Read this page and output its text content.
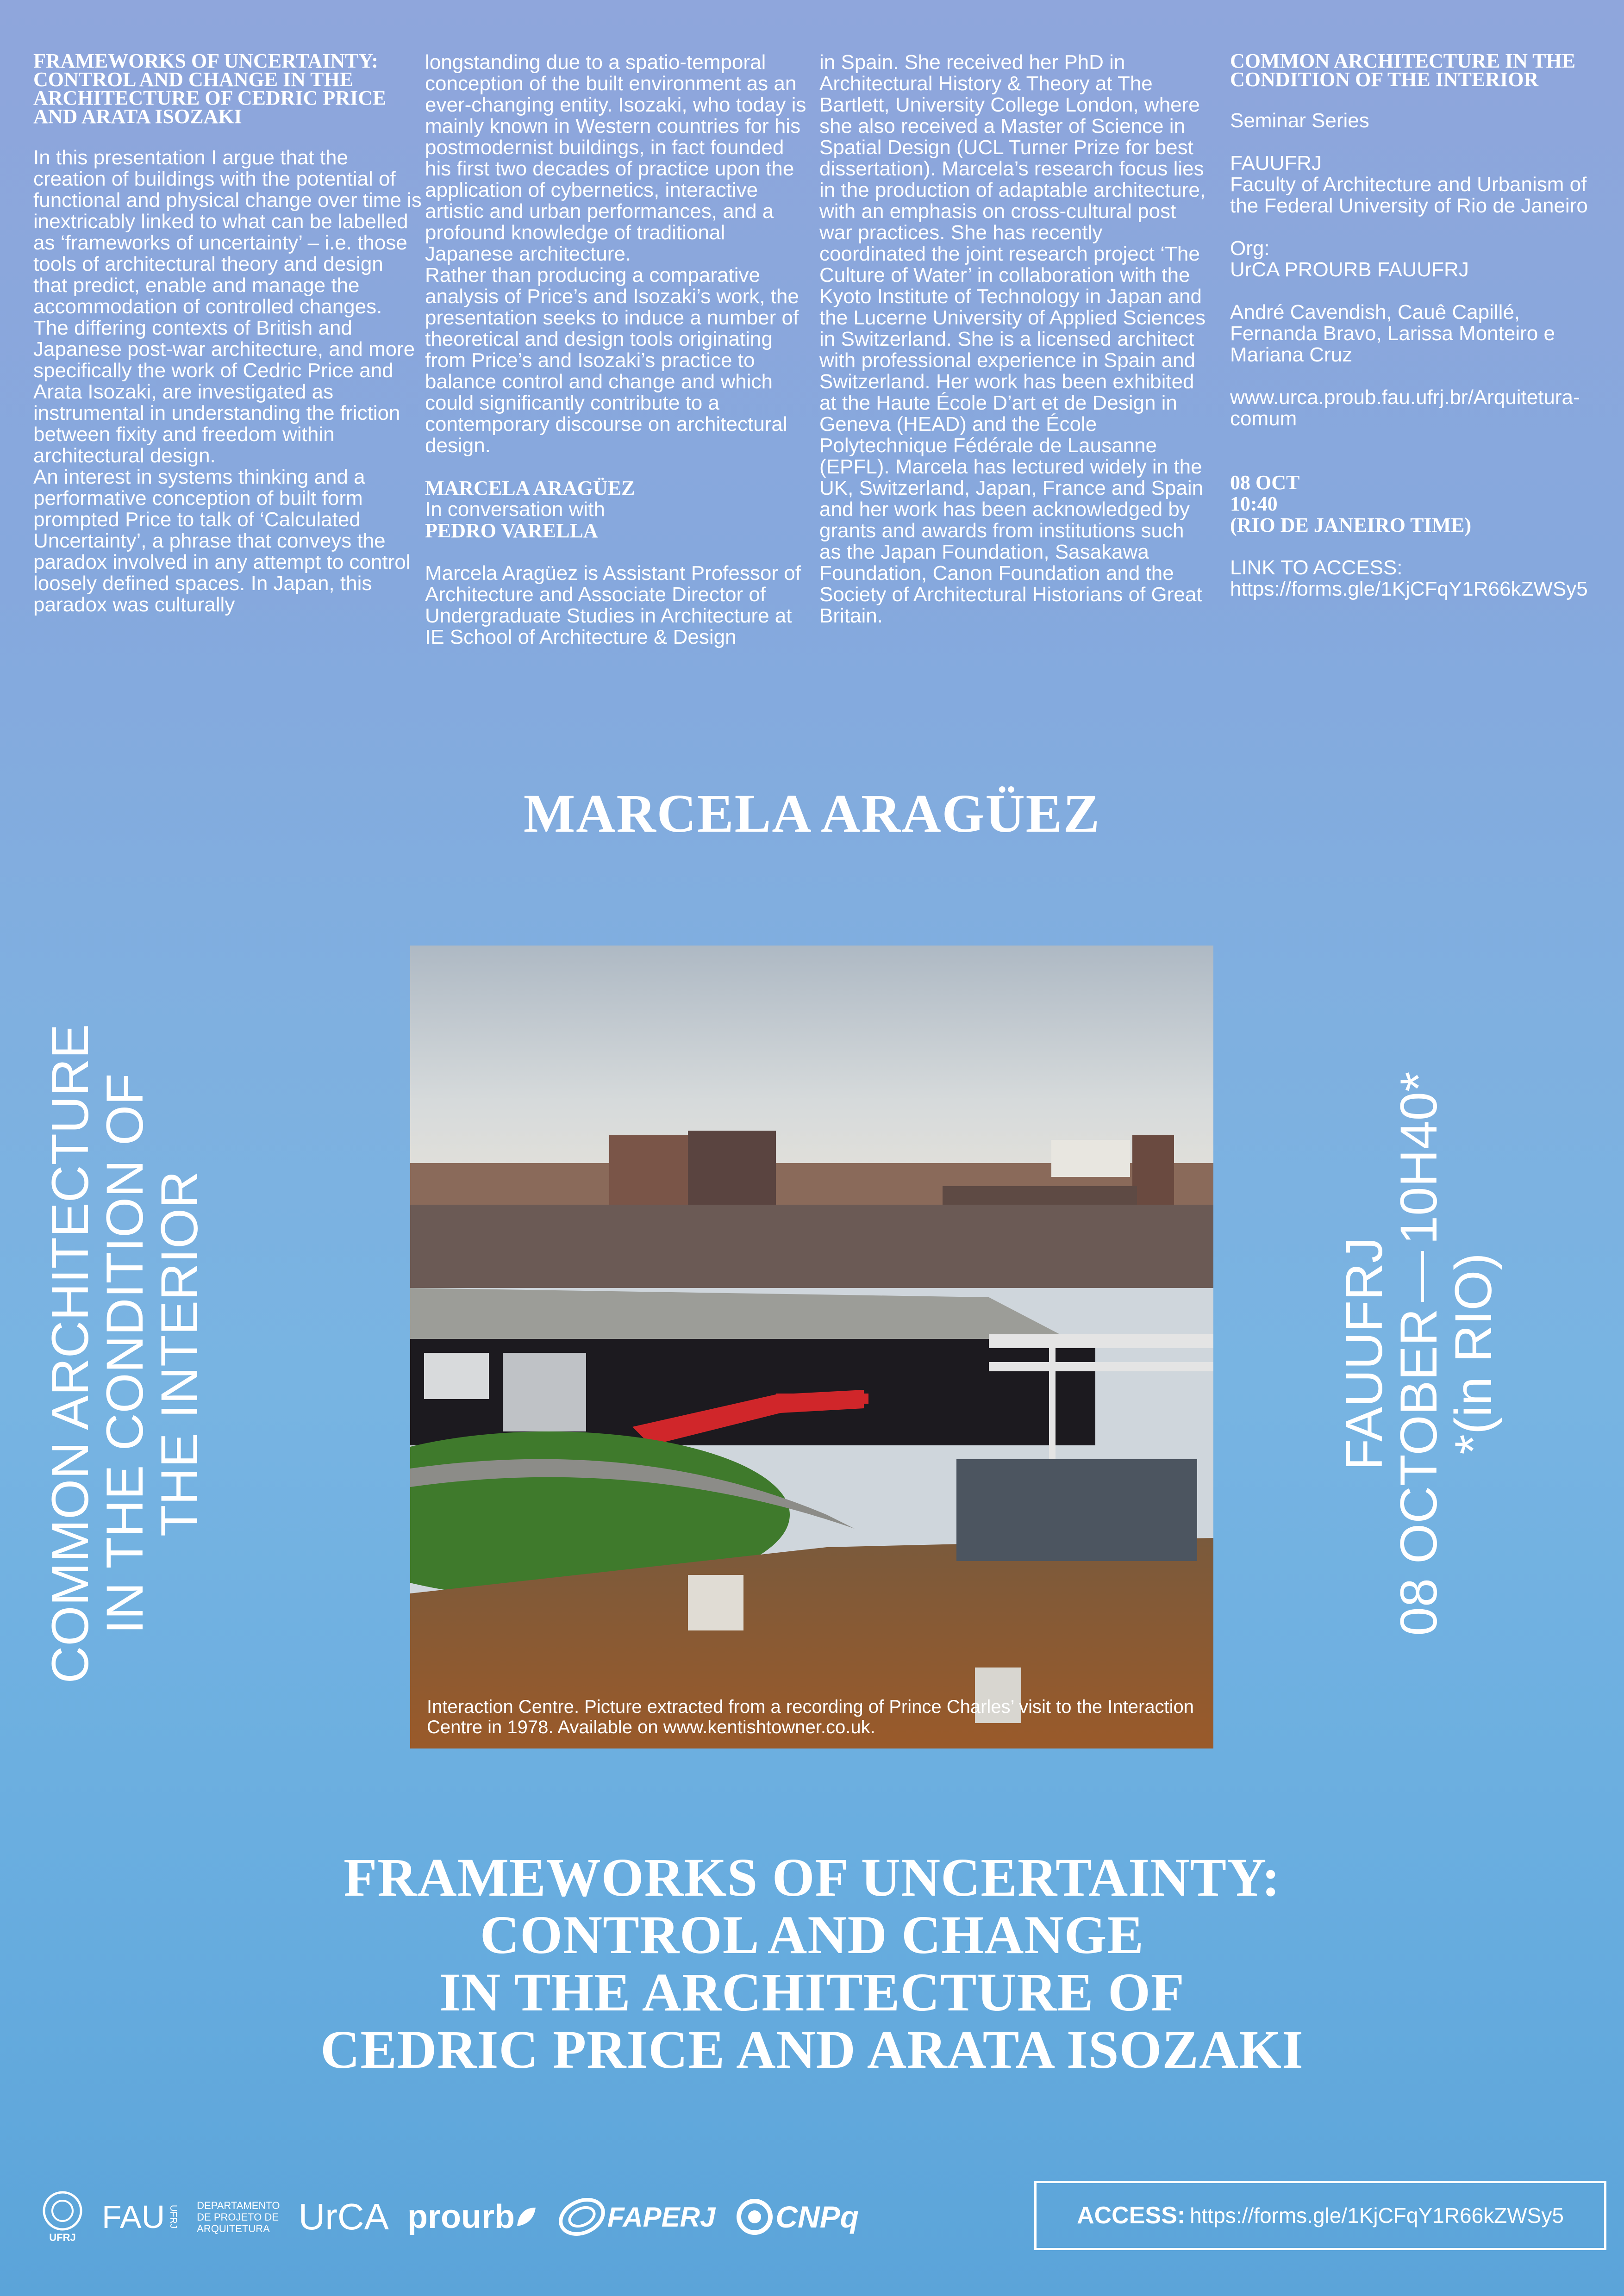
FRAMEWORKS OF UNCERTAINTY: CONTROL AND CHANGE IN THE ARCHITECTURE OF CEDRIC PRICE AND ARATA ISOZAKI

In this presentation I argue that the creation of buildings with the potential of functional and physical change over time is inextricably linked to what can be labelled as ‘frameworks of uncertainty’ – i.e. those tools of architectural theory and design that predict, enable and manage the accommodation of controlled changes. The differing contexts of British and Japanese post-war architecture, and more specifically the work of Cedric Price and Arata Isozaki, are investigated as instrumental in understanding the friction between fixity and freedom within architectural design.

An interest in systems thinking and a performative conception of built form prompted Price to talk of ‘Calculated Uncertainty’, a phrase that conveys the paradox involved in any attempt to control loosely defined spaces. In Japan, this paradox was culturally

longstanding due to a spatio-temporal conception of the built environment as an ever-changing entity. Isozaki, who today is mainly known in Western countries for his postmodernist buildings, in fact founded his first two decades of practice upon the application of cybernetics, interactive artistic and urban performances, and a profound knowledge of traditional Japanese architecture.

Rather than producing a comparative analysis of Price’s and Isozaki’s work, the presentation seeks to induce a number of theoretical and design tools originating from Price’s and Isozaki’s practice to balance control and change and which could significantly contribute to a contemporary discourse on architectural design.

MARCELA ARAGÜEZ

In conversation with

PEDRO VARELLA

Marcela Aragüez is Assistant Professor of Architecture and Associate Director of Undergraduate Studies in Architecture at IE School of Architecture & Design

in Spain. She received her PhD in Architectural History & Theory at The Bartlett, University College London, where she also received a Master of Science in Spatial Design (UCL Turner Prize for best dissertation). Marcela’s research focus lies in the production of adaptable architecture, with an emphasis on cross-cultural post war practices. She has recently coordinated the joint research project ‘The Culture of Water’ in collaboration with the Kyoto Institute of Technology in Japan and the Lucerne University of Applied Sciences in Switzerland. She is a licensed architect with professional experience in Spain and Switzerland. Her work has been exhibited at the Haute École D’art et de Design in Geneva (HEAD) and the École Polytechnique Fédérale de Lausanne (EPFL). Marcela has lectured widely in the UK, Switzerland, Japan, France and Spain and her work has been acknowledged by grants and awards from institutions such as the Japan Foundation, Sasakawa Foundation, Canon Foundation and the Society of Architectural Historians of Great Britain.

COMMON ARCHITECTURE IN THE CONDITION OF THE INTERIOR

Seminar Series

FAUUFRJ

Faculty of Architecture and Urbanism of the Federal University of Rio de Janeiro

Org:

UrCA PROURB FAUUFRJ

André Cavendish, Cauê Capillé, Fernanda Bravo, Larissa Monteiro e Mariana Cruz

www.urca.proub.fau.ufrj.br/Arquitetura-comum

08 OCT

10:40

(RIO DE JANEIRO TIME)

LINK TO ACCESS:

https://forms.gle/1KjCFqY1R66kZWSy5

MARCELA ARAGÜEZ
COMMON ARCHITECTURE
IN THE CONDITION OF
THE INTERIOR	FAUUFRJ
08 OCTOBER10H40*
*(in RIO)
Interaction Centre. Picture extracted from a recording of Prince Charles’ visit to the Interaction Centre in 1978. Available on www.kentishtowner.co.uk.
FRAMEWORKS OF UNCERTAINTY:
CONTROL AND CHANGE
IN THE ARCHITECTURE OF
CEDRIC PRICE AND ARATA ISOZAKI
UFRJ
FAU UFRJ DEPARTAMENTO
DE PROJETO DE
ARQUITETURA UrCA prourb	FAPERJ CNPq	ACCESS: https://forms.gle/1KjCFqY1R66kZWSy5
